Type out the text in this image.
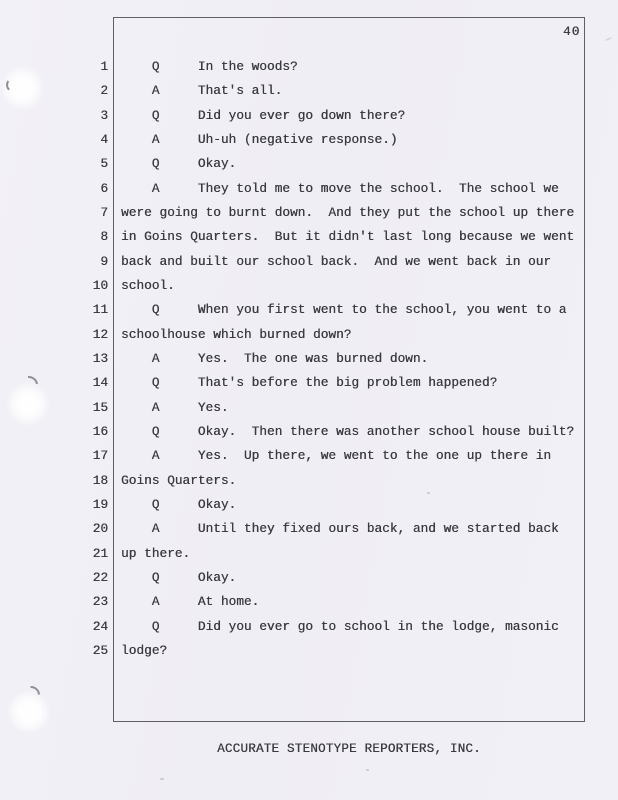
40
1 Q     In the woods?
2 A     That's all.
3 Q     Did you ever go down there?
4 A     Uh-uh (negative response.)
5 Q     Okay.
6 A     They told me to move the school.  The school we
7 were going to burnt down.  And they put the school up there
8 in Goins Quarters.  But it didn't last long because we went
9 back and built our school back.  And we went back in our
10 school.
11 Q     When you first went to the school, you went to a
12 schoolhouse which burned down?
13 A     Yes.  The one was burned down.
14 Q     That's before the big problem happened?
15 A     Yes.
16 Q     Okay.  Then there was another school house built?
17 A     Yes.  Up there, we went to the one up there in
18 Goins Quarters.
19 Q     Okay.
20 A     Until they fixed ours back, and we started back
21 up there.
22 Q     Okay.
23 A     At home.
24 Q     Did you ever go to school in the lodge, masonic
25 lodge?
ACCURATE STENOTYPE REPORTERS, INC.
